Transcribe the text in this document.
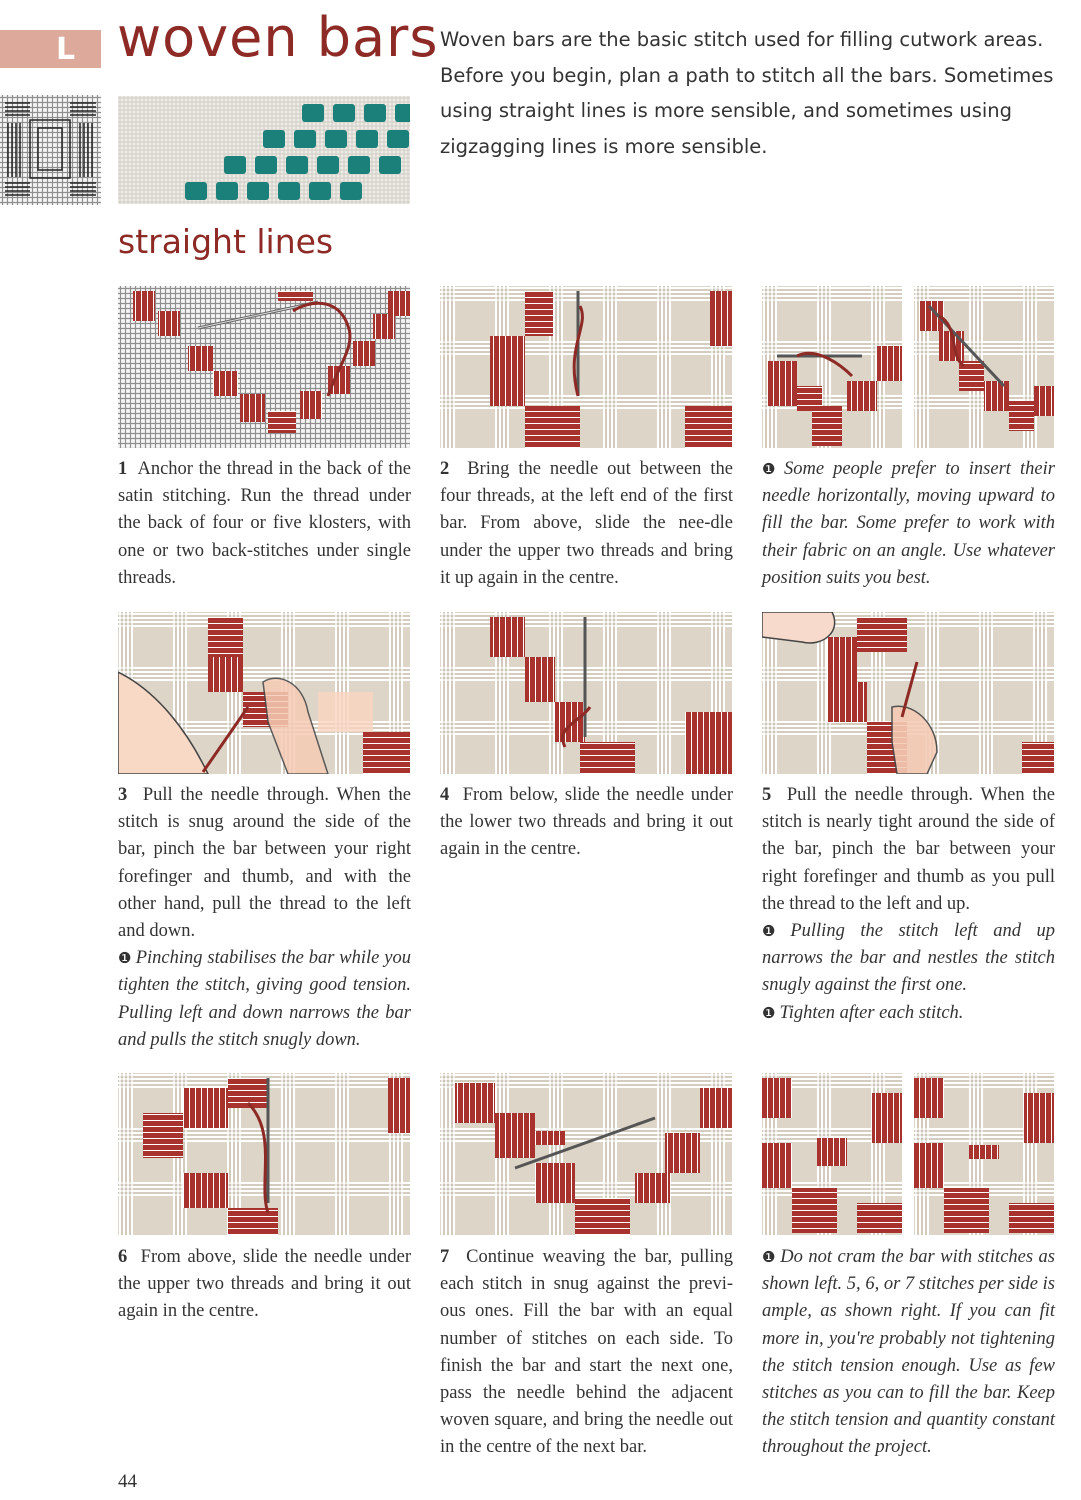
L woven bars Woven bars are the basic stitch used for filling cutwork areas. Before you begin, plan a path to stitch all the bars. Sometimes using straight lines is more sensible, and sometimes using zigzagging lines is more sensible.
straight lines
1 Anchor the thread in the back of the satin stitching. Run the thread under the back of four or five klosters, with one or two back-stitches under single threads.
2 Bring the needle out between the four threads, at the left end of the first bar. From above, slide the nee-dle under the upper two threads and bring it up again in the centre.
❶ Some people prefer to insert their needle horizontally, moving upward to fill the bar. Some prefer to work with their fabric on an angle. Use whatever position suits you best.
3 Pull the needle through. When the stitch is snug around the side of the bar, pinch the bar between your right forefinger and thumb, and with the other hand, pull the thread to the left and down.
❶ Pinching stabilises the bar while you tighten the stitch, giving good tension. Pulling left and down narrows the bar and pulls the stitch snugly down.
4 From below, slide the needle under the lower two threads and bring it out again in the centre.
5 Pull the needle through. When the stitch is nearly tight around the side of the bar, pinch the bar between your right forefinger and thumb as you pull the thread to the left and up.
❶ Pulling the stitch left and up narrows the bar and nestles the stitch snugly against the first one.
❶ Tighten after each stitch.
6 From above, slide the needle under the upper two threads and bring it out again in the centre.
7 Continue weaving the bar, pulling each stitch in snug against the previ-ous ones. Fill the bar with an equal number of stitches on each side. To finish the bar and start the next one, pass the needle behind the adjacent woven square, and bring the needle out in the centre of the next bar.
❶ Do not cram the bar with stitches as shown left. 5, 6, or 7 stitches per side is ample, as shown right. If you can fit more in, you're probably not tightening the stitch tension enough. Use as few stitches as you can to fill the bar. Keep the stitch tension and quantity constant throughout the project.
44
